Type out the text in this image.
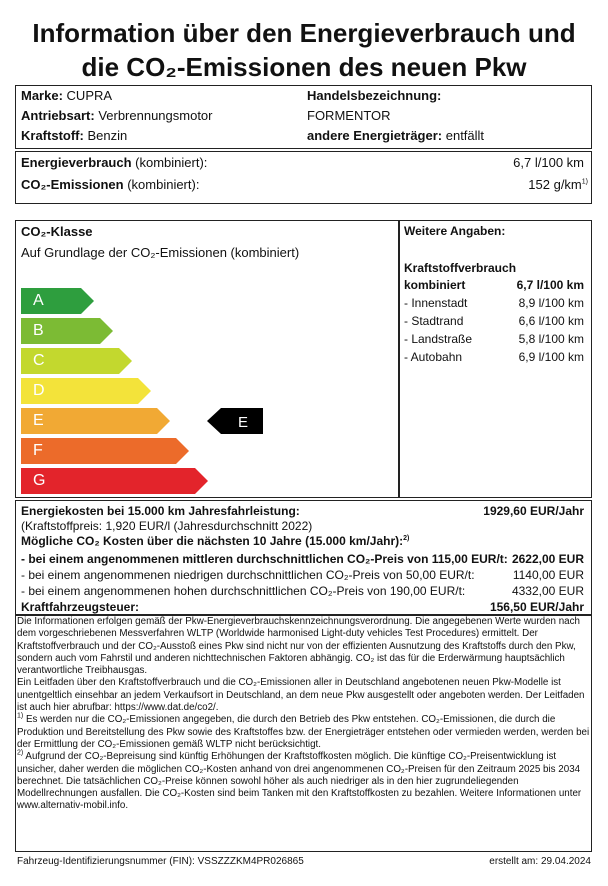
Information über den Energieverbrauch und
die CO₂-Emissionen des neuen Pkw
Marke: CUPRA
Antriebsart: Verbrennungsmotor
Kraftstoff: Benzin
Handelsbezeichnung:
FORMENTOR
andere Energieträger: entfällt
Energieverbrauch (kombiniert):	6,7 l/100 km
CO₂-Emissionen (kombiniert):	152 $g/km^{1)}$
CO₂-Klasse
Auf Grundlage der CO₂-Emissionen (kombiniert)
A
B
C
D
E
F
G
E
Weitere Angaben:
Kraftstoffverbrauch
kombiniert	6,7 l/100 km
- Innenstadt	8,9 l/100 km
- Stadtrand	6,6 l/100 km
- Landstraße	5,8 l/100 km
- Autobahn	6,9 l/100 km
Energiekosten bei 15.000 km Jahresfahrleistung:	1929,60 EUR/Jahr
(Kraftstoffpreis: 1,920 EUR/l (Jahresdurchschnitt 2022)
Mögliche CO₂ Kosten über die nächsten 10 Jahre (15.000 km/Jahr):$^{2)}$
- bei einem angenommenen mittleren durchschnittlichen CO₂-Preis von 115,00 EUR/t: 2622,00 EUR
- bei einem angenommenen niedrigen durchschnittlichen CO₂-Preis von 50,00 EUR/t:	1140,00 EUR
- bei einem angenommenen hohen durchschnittlichen CO₂-Preis von 190,00 EUR/t:	4332,00 EUR
Kraftfahrzeugsteuer:	156,50 EUR/Jahr

Die Informationen erfolgen gemäß der Pkw-Energieverbrauchskennzeichnungsverordnung. Die angegebenen Werte wurden nach dem vorgeschriebenen Messverfahren WLTP (Worldwide harmonised Light-duty vehicles Test Procedures) ermittelt. Der Kraftstoffverbrauch und der CO₂-Ausstoß eines Pkw sind nicht nur von der effizienten Ausnutzung des Kraftstoffs durch den Pkw, sondern auch vom Fahrstil und anderen nichttechnischen Faktoren abhängig. CO₂ ist das für die Erderwärmung hauptsächlich verantwortliche Treibhausgas.

Ein Leitfaden über den Kraftstoffverbrauch und die CO₂-Emissionen aller in Deutschland angebotenen neuen Pkw-Modelle ist unentgeltlich einsehbar an jedem Verkaufsort in Deutschland, an dem neue Pkw ausgestellt oder angeboten werden. Der Leitfaden ist auch hier abrufbar: https://www.dat.de/co2/.

$^{1)}$ Es werden nur die CO₂-Emissionen angegeben, die durch den Betrieb des Pkw entstehen. CO₂-Emissionen, die durch die Produktion und Bereitstellung des Pkw sowie des Kraftstoffes bzw. der Energieträger entstehen oder vermieden werden, werden bei der Ermittlung der CO₂-Emissionen gemäß WLTP nicht berücksichtigt.

$^{2)}$ Aufgrund der CO₂-Bepreisung sind künftig Erhöhungen der Kraftstoffkosten möglich. Die künftige CO₂-Preisentwicklung ist unsicher, daher werden die möglichen CO₂-Kosten anhand von drei angenommenen CO₂-Preisen für den Zeitraum 2025 bis 2034 berechnet. Die tatsächlichen CO₂-Preise können sowohl höher als auch niedriger als in den hier zugrundeliegenden Modellrechnungen ausfallen. Die CO₂-Kosten sind beim Tanken mit den Kraftstoffkosten zu bezahlen. Weitere Informationen unter www.alternativ-mobil.info.

Fahrzeug-Identifizierungsnummer (FIN): VSSZZZKM4PR026865	erstellt am: 29.04.2024
